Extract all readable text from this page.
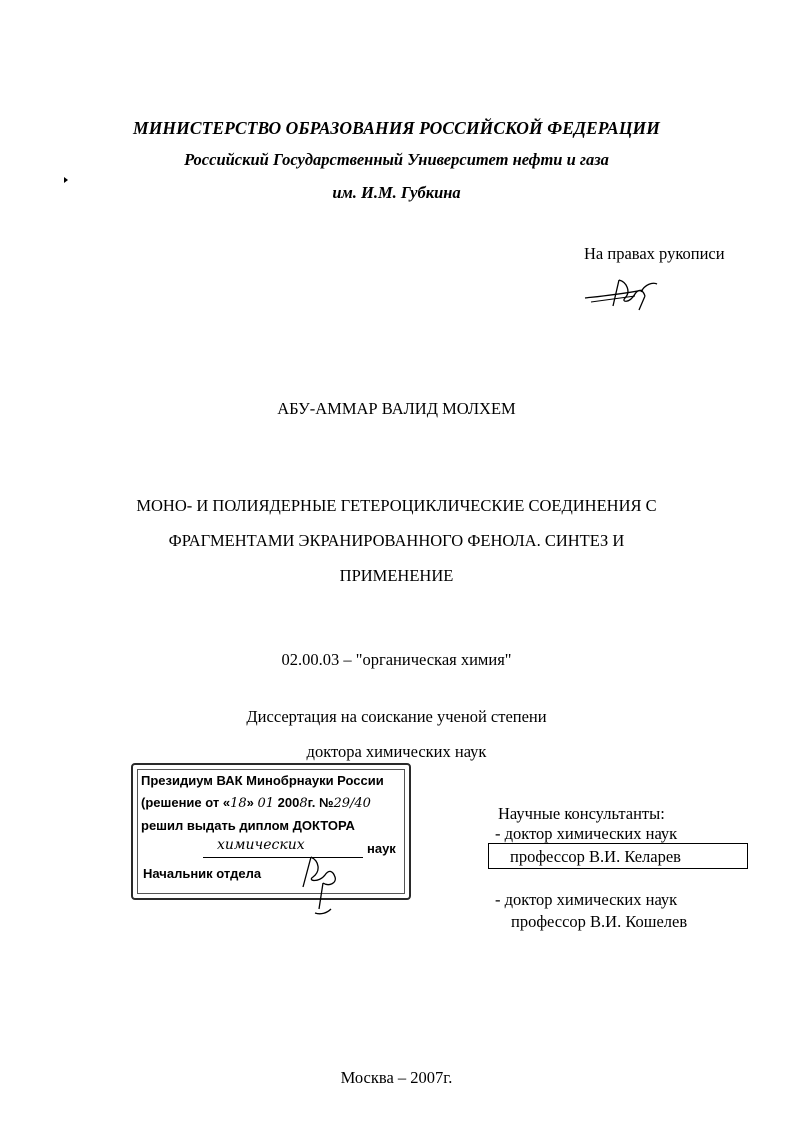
МИНИСТЕРСТВО ОБРАЗОВАНИЯ РОССИЙСКОЙ ФЕДЕРАЦИИ
Российский Государственный Университет нефти и газа
им. И.М. Губкина
На правах рукописи
АБУ-АММАР ВАЛИД МОЛХЕМ
МОНО- И ПОЛИЯДЕРНЫЕ ГЕТЕРОЦИКЛИЧЕСКИЕ СОЕДИНЕНИЯ С
ФРАГМЕНТАМИ ЭКРАНИРОВАННОГО ФЕНОЛА. СИНТЕЗ И
ПРИМЕНЕНИЕ
02.00.03 – "органическая химия"
Диссертация на соискание ученой степени
доктора химических наук
Президиум ВАК Минобрнауки России
(решение от «18» 01 2008г. №29/40
решил выдать диплом ДОКТОРА
химических	наук
Начальник отдела
Научные консультанты:
- доктор химических наук
профессор В.И. Келарев
- доктор химических наук
профессор В.И. Кошелев
Москва – 2007г.
